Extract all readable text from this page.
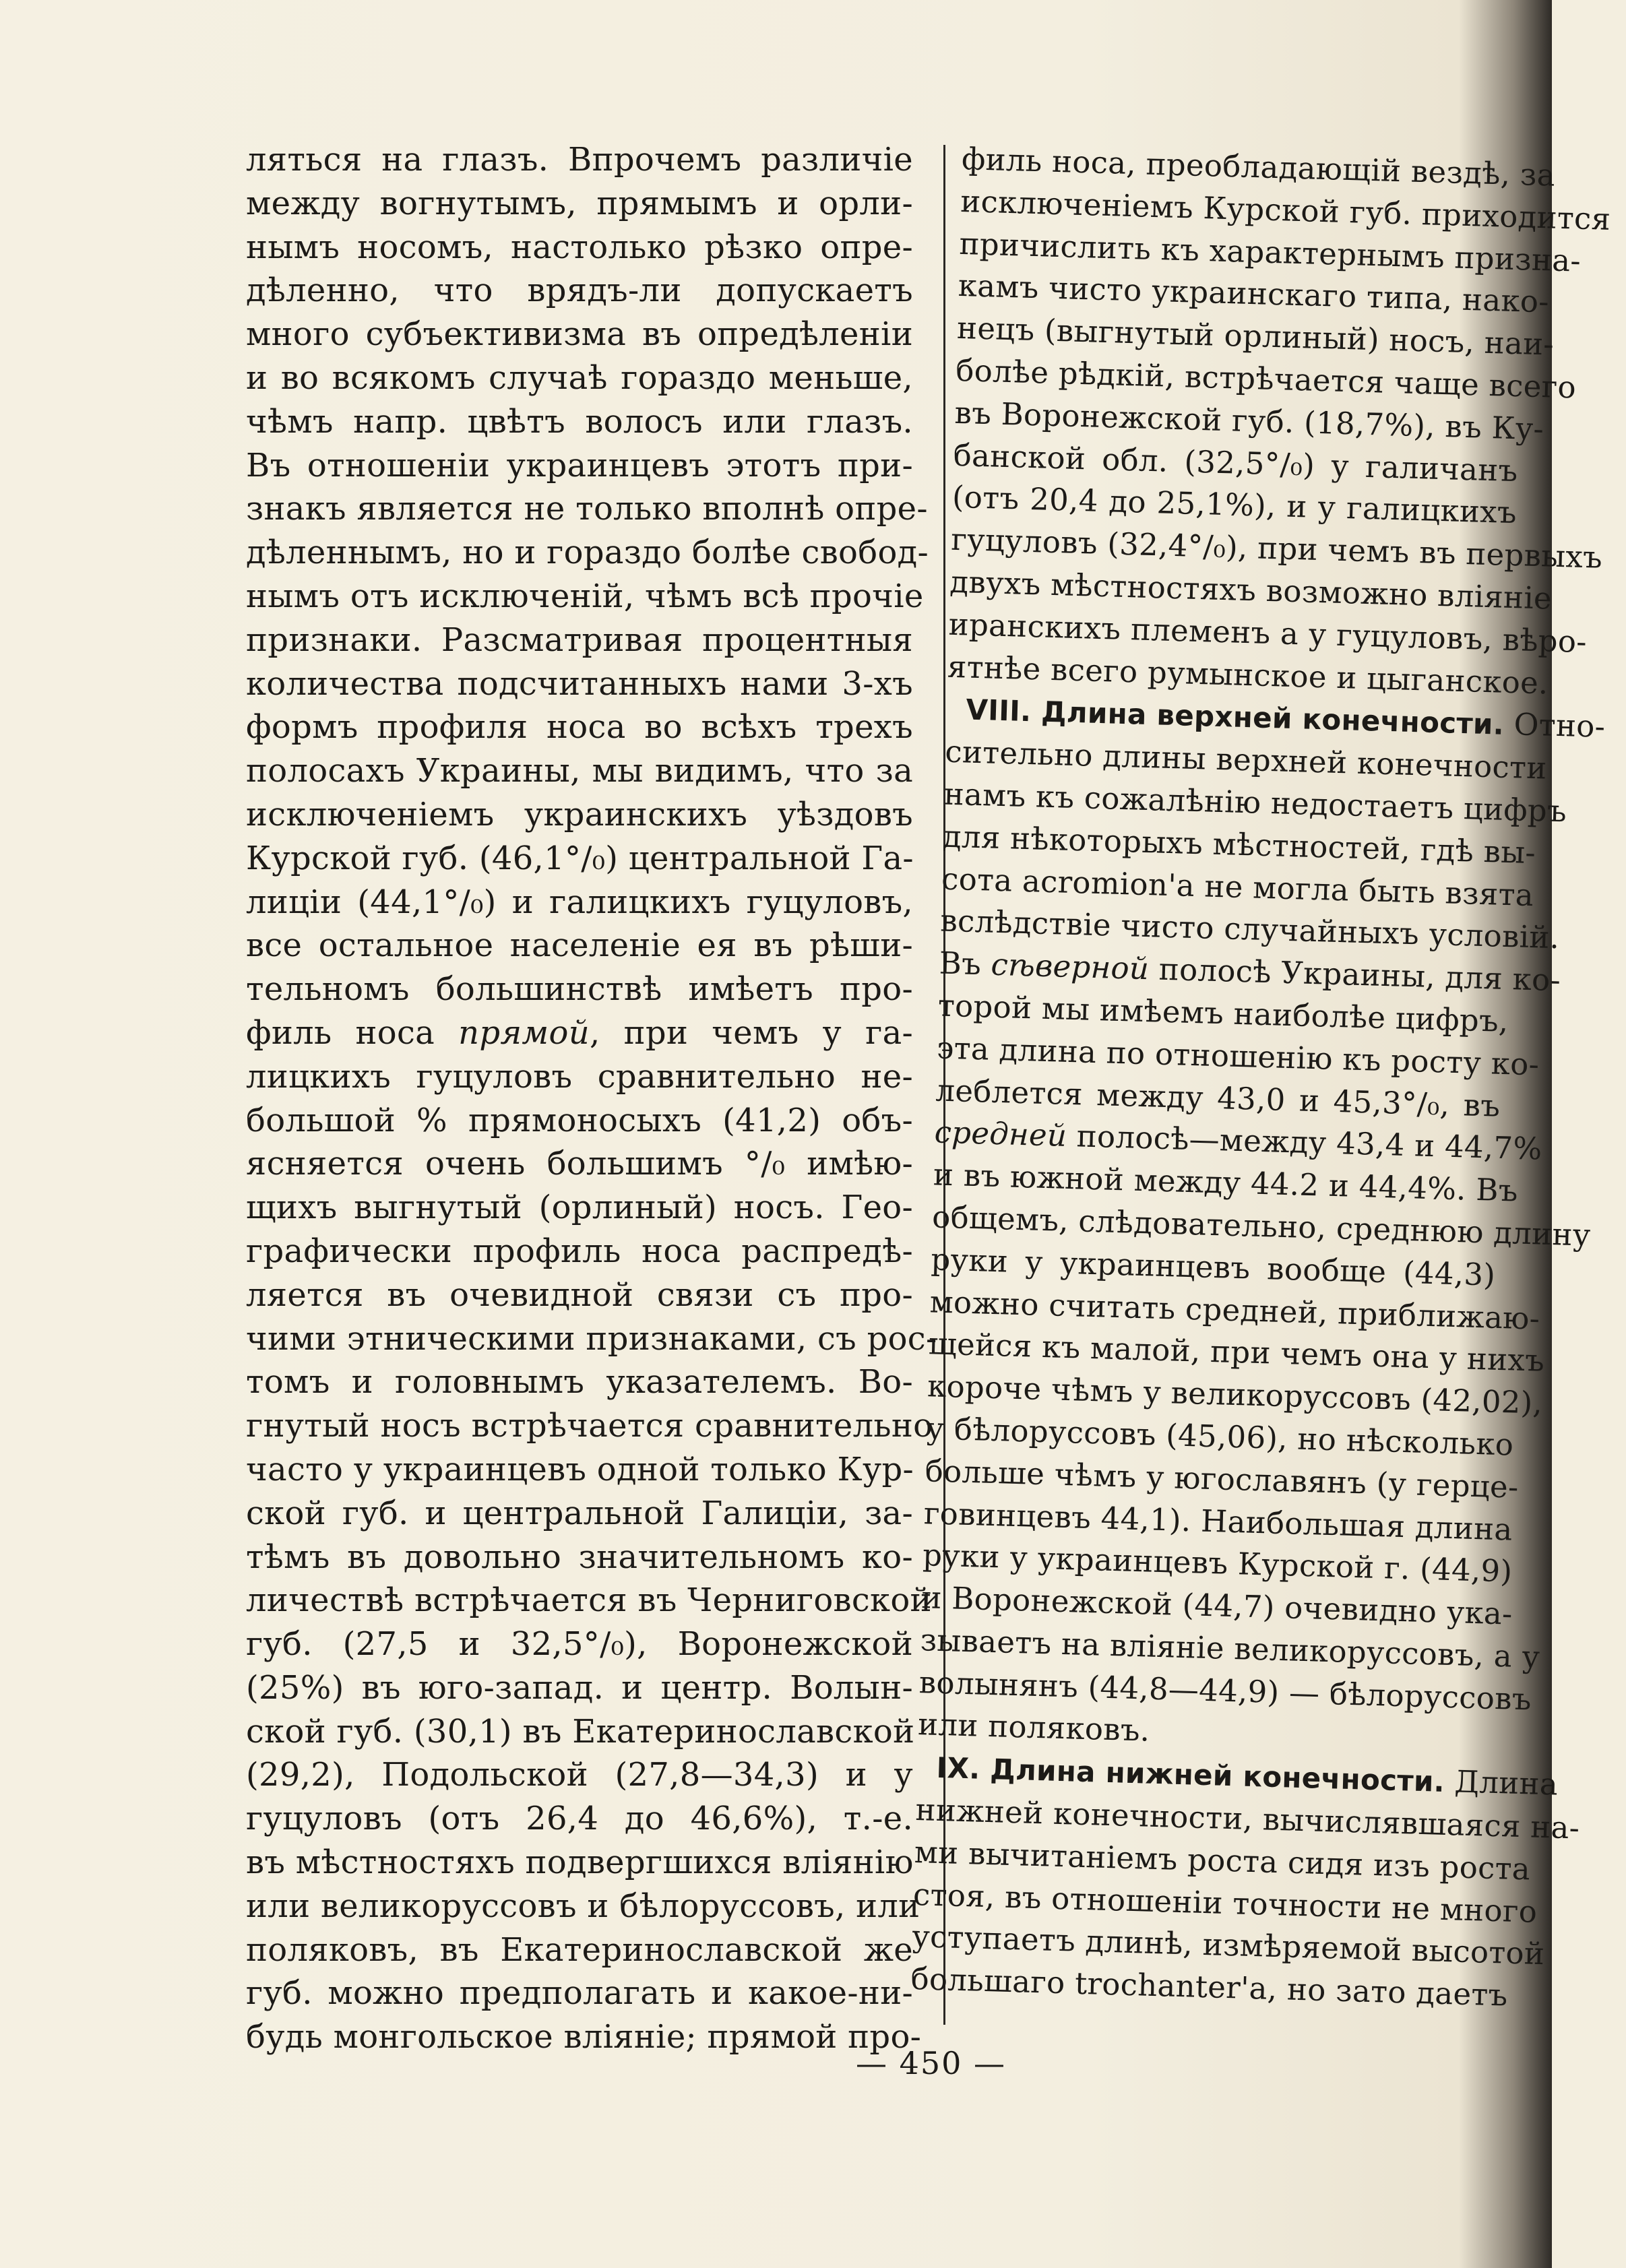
ляться на глазъ. Впрочемъ различiе
между вогнутымъ, прямымъ и орли-
нымъ носомъ, настолько рѣзко опре-
дѣленно, что врядъ-ли допускаетъ
много субъективизма въ опредѣленiи
и во всякомъ случаѣ гораздо меньше,
чѣмъ напр. цвѣтъ волосъ или глазъ.
Въ отношенiи украинцевъ этотъ при-
знакъ является не только вполнѣ опре-
дѣленнымъ, но и гораздо болѣе свобод-
нымъ отъ исключенiй, чѣмъ всѣ прочiе
признаки. Разсматривая процентныя
количества подсчитанныхъ нами 3-хъ
формъ профиля носа во всѣхъ трехъ
полосахъ Украины, мы видимъ, что за
исключенiемъ украинскихъ уѣздовъ
Курской губ. (46,1°/₀) центральной Га-
лицiи (44,1°/₀) и галицкихъ гуцуловъ,
все остальное населенiе ея въ рѣши-
тельномъ большинствѣ имѣетъ про-
филь носа прямой, при чемъ у га-
лицкихъ гуцуловъ сравнительно не-
большой % прямоносыхъ (41,2) объ-
ясняется очень большимъ °/₀ имѣю-
щихъ выгнутый (орлиный) носъ. Гео-
графически профиль носа распредѣ-
ляется въ очевидной связи съ про-
чими этническими признаками, съ рос-
томъ и головнымъ указателемъ. Во-
гнутый носъ встрѣчается сравнительно
часто у украинцевъ одной только Кур-
ской губ. и центральной Галицiи, за-
тѣмъ въ довольно значительномъ ко-
личествѣ встрѣчается въ Черниговской
губ. (27,5 и 32,5°/₀), Воронежской
(25%) въ юго-запад. и центр. Волын-
ской губ. (30,1) въ Екатеринославской
(29,2), Подольской (27,8—34,3) и у
гуцуловъ (отъ 26,4 до 46,6%), т.-е.
въ мѣстностяхъ подвергшихся влiянiю
или великоруссовъ и бѣлоруссовъ, или
поляковъ, въ Екатеринославской же
губ. можно предполагать и какое-ни-
будь монгольское влiянiе; прямой про-
филь носа, преобладающiй вездѣ, за
исключенiемъ Курской губ. приходится
причислить къ характернымъ призна-
камъ чисто украинскаго типа, нако-
нецъ (выгнутый орлиный) носъ, наи-
болѣе рѣдкiй, встрѣчается чаще всего
въ Воронежской губ. (18,7%), въ Ку-
банской обл. (32,5°/₀) у галичанъ
(отъ 20,4 до 25,1%), и у галицкихъ
гуцуловъ (32,4°/₀), при чемъ въ первыхъ
двухъ мѣстностяхъ возможно влiянiе
иранскихъ племенъ а у гуцуловъ, вѣро-
ятнѣе всего румынское и цыганское.
VIII. Длина верхней конечности. Отно-
сительно длины верхней конечности
намъ къ сожалѣнiю недостаетъ цифръ
для нѣкоторыхъ мѣстностей, гдѣ вы-
сота acromion'а не могла быть взята
вслѣдствiе чисто случайныхъ условiй.
Въ сѣверной полосѣ Украины, для ко-
торой мы имѣемъ наиболѣе цифръ,
эта длина по отношенiю къ росту ко-
леблется между 43,0 и 45,3°/₀, въ
средней полосѣ—между 43,4 и 44,7%
и въ южной между 44.2 и 44,4%. Въ
общемъ, слѣдовательно, среднюю длину
руки у украинцевъ вообще (44,3)
можно считать средней, приближаю-
щейся къ малой, при чемъ она у нихъ
короче чѣмъ у великоруссовъ (42,02),
у бѣлоруссовъ (45,06), но нѣсколько
больше чѣмъ у югославянъ (у герце-
говинцевъ 44,1). Наибольшая длина
руки у украинцевъ Курской г. (44,9)
и Воронежской (44,7) очевидно ука-
зываетъ на влiянiе великоруссовъ, а у
волынянъ (44,8—44,9) — бѣлоруссовъ
или поляковъ.
IX. Длина нижней конечности. Длина
нижней конечности, вычислявшаяся на-
ми вычитанiемъ роста сидя изъ роста
стоя, въ отношенiи точности не много
уступаетъ длинѣ, измѣряемой высотой
большаго trochanter'а, но зато даетъ
— 450 —
